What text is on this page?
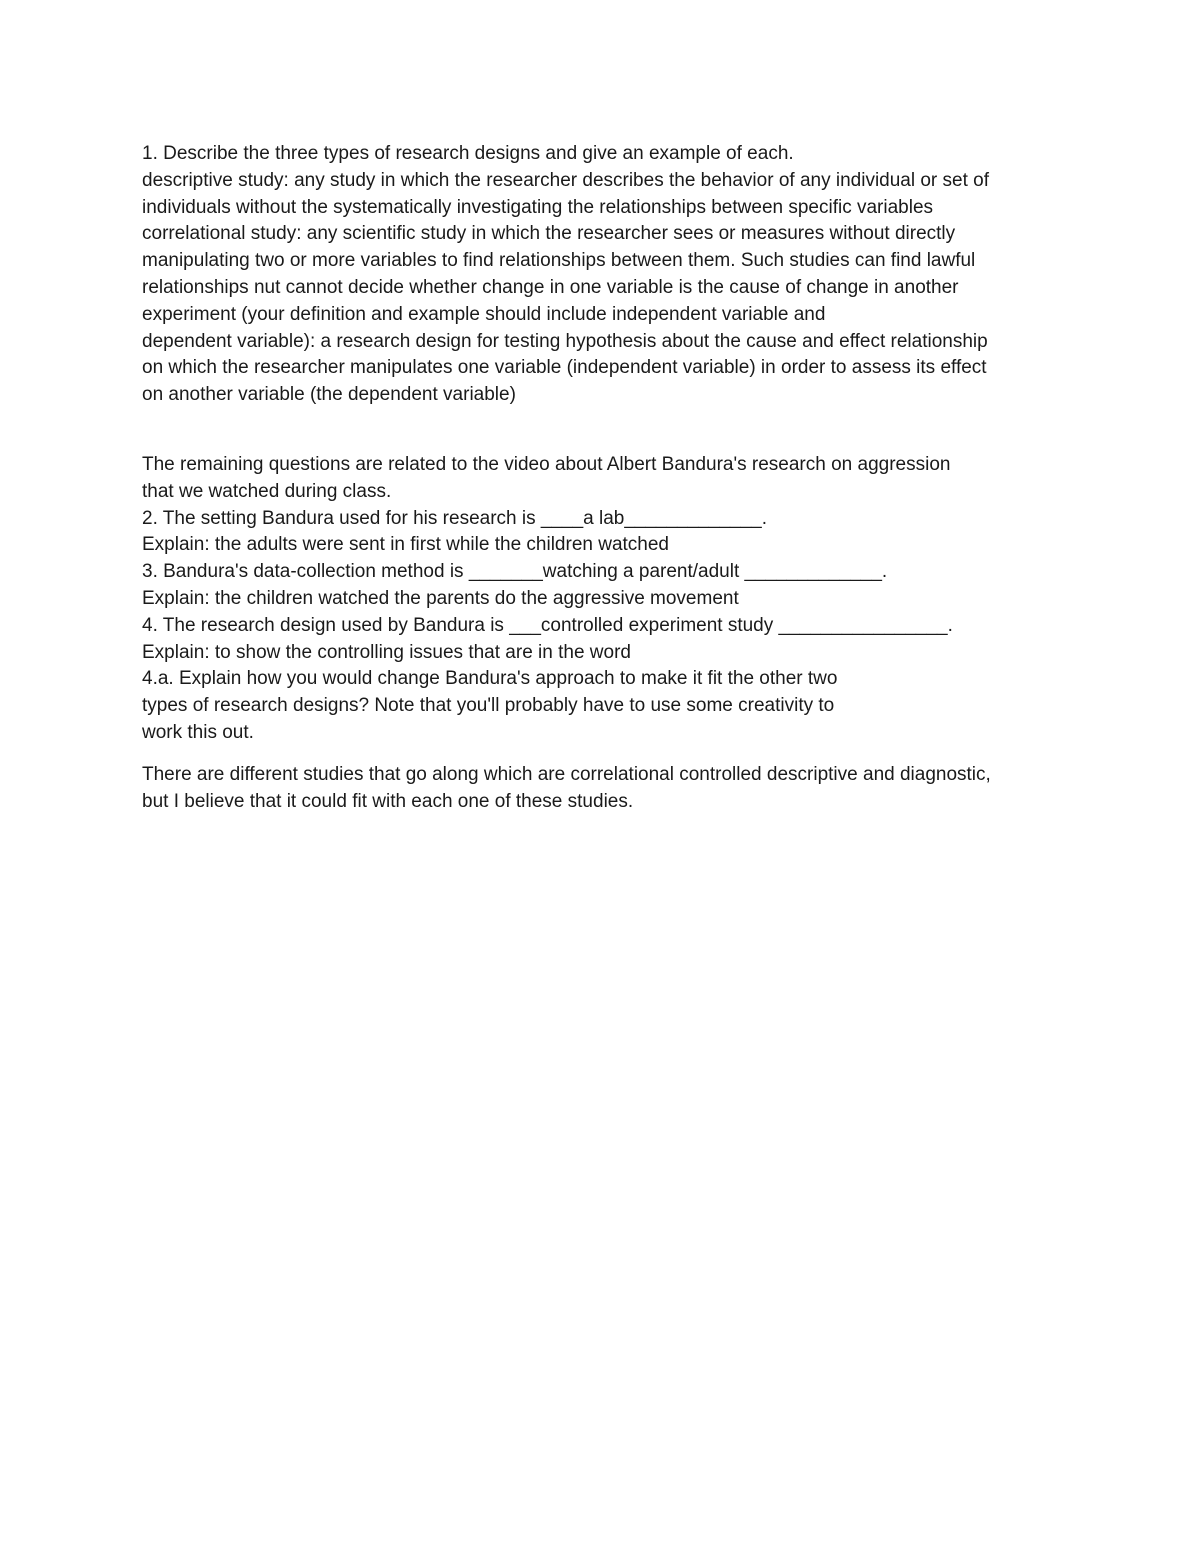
1. Describe the three types of research designs and give an example of each.
descriptive study: any study in which the researcher describes the behavior of any individual or set of
individuals without the systematically investigating the relationships between specific variables
correlational study: any scientific study in which the researcher sees or measures without directly
manipulating two or more variables to find relationships between them. Such studies can find lawful
relationships nut cannot decide whether change in one variable is the cause of change in another
experiment (your definition and example should include independent variable and
dependent variable): a research design for testing hypothesis about the cause and effect relationship
on which the researcher manipulates one variable (independent variable) in order to assess its effect
on another variable (the dependent variable)
The remaining questions are related to the video about Albert Bandura's research on aggression
that we watched during class.
2. The setting Bandura used for his research is ____a lab_____________.
Explain: the adults were sent in first while the children watched
3. Bandura's data-collection method is _______watching a parent/adult _____________.
Explain: the children watched the parents do the aggressive movement
4. The research design used by Bandura is ___controlled experiment study ________________.
Explain: to show the controlling issues that are in the word
4.a. Explain how you would change Bandura's approach to make it fit the other two
types of research designs? Note that you'll probably have to use some creativity to
work this out.
There are different studies that go along which are correlational controlled descriptive and diagnostic,
but I believe that it could fit with each one of these studies.
